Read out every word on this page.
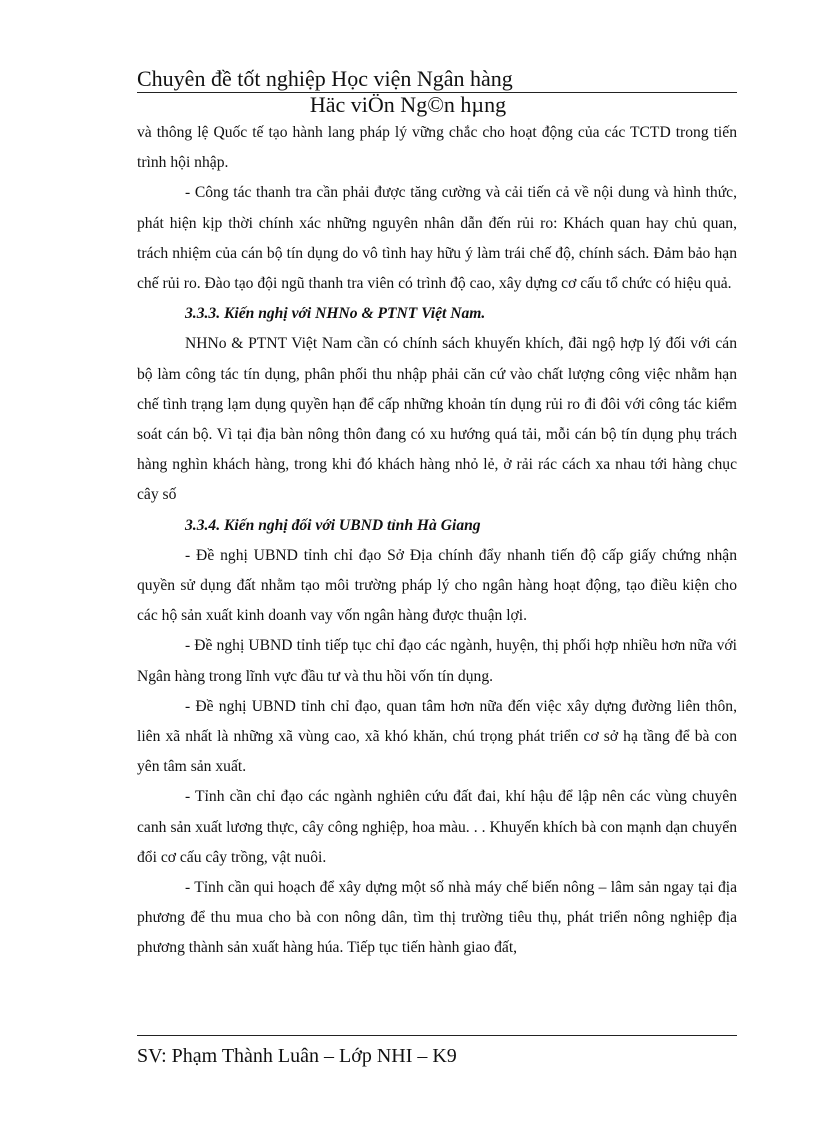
Chuyên đề tốt nghiệp Học viện Ngân hàng
Häc viÖn Ng©n hµng

và thông lệ Quốc tế tạo hành lang pháp lý vững chắc cho hoạt động của các TCTD trong tiến trình hội nhập.

- Công tác thanh tra cần phải được tăng cường và cải tiến cả về nội dung và hình thức, phát hiện kịp thời chính xác những nguyên nhân dẫn đến rủi ro: Khách quan hay chủ quan, trách nhiệm của cán bộ tín dụng do vô tình hay hữu ý làm trái chế độ, chính sách. Đảm bảo hạn chế rủi ro. Đào tạo đội ngũ thanh tra viên có trình độ cao, xây dựng cơ cấu tổ chức có hiệu quả.

3.3.3. Kiến nghị với NHNo & PTNT Việt Nam.

NHNo & PTNT Việt Nam cần có chính sách khuyến khích, đãi ngộ hợp lý đối với cán bộ làm công tác tín dụng, phân phối thu nhập phải căn cứ vào chất lượng công việc nhằm hạn chế tình trạng lạm dụng quyền hạn để cấp những khoản tín dụng rủi ro đi đôi với công tác kiểm soát cán bộ. Vì tại địa bàn nông thôn đang có xu hướng quá tải, mỗi cán bộ tín dụng phụ trách hàng nghìn khách hàng, trong khi đó khách hàng nhỏ lẻ, ở rải rác cách xa nhau tới hàng chục cây số

3.3.4. Kiến nghị đối với UBND tỉnh Hà Giang

- Đề nghị UBND tỉnh chỉ đạo Sở Địa chính đẩy nhanh tiến độ cấp giấy chứng nhận quyền sử dụng đất nhằm tạo môi trường pháp lý cho ngân hàng hoạt động, tạo điều kiện cho các hộ sản xuất kinh doanh vay vốn ngân hàng được thuận lợi.

- Đề nghị UBND tỉnh tiếp tục chỉ đạo các ngành, huyện, thị phối hợp nhiều hơn nữa với Ngân hàng trong lĩnh vực đầu tư và thu hồi vốn tín dụng.

- Đề nghị UBND tỉnh chỉ đạo, quan tâm hơn nữa đến việc xây dựng đường liên thôn, liên xã nhất là những xã vùng cao, xã khó khăn, chú trọng phát triển cơ sở hạ tầng để bà con yên tâm sản xuất.

- Tỉnh cần chỉ đạo các ngành nghiên cứu đất đai, khí hậu để lập nên các vùng chuyên canh sản xuất lương thực, cây công nghiệp, hoa màu. . . Khuyến khích bà con mạnh dạn chuyển đổi cơ cấu cây trồng, vật nuôi.

- Tỉnh cần qui hoạch để xây dựng một số nhà máy chế biến nông – lâm sản ngay tại địa phương để thu mua cho bà con nông dân, tìm thị trường tiêu thụ, phát triển nông nghiệp địa phương thành sản xuất hàng húa. Tiếp tục tiến hành giao đất,

SV: Phạm Thành Luân – Lớp NHI – K9
